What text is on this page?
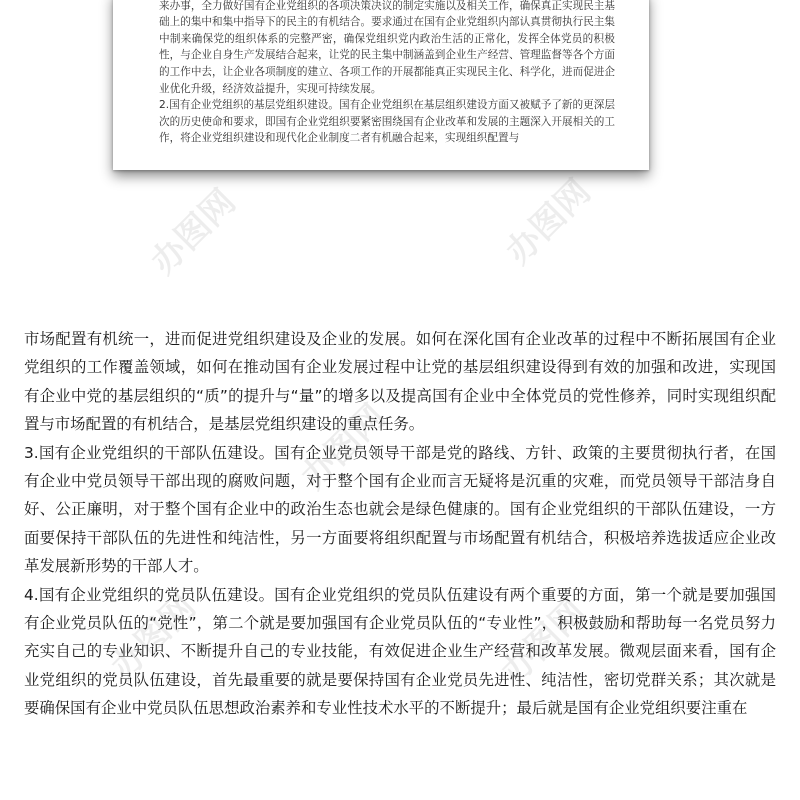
来办事，全力做好国有企业党组织的各项决策决议的制定实施以及相关工作，确保真正实现民主基础上的集中和集中指导下的民主的有机结合。要求通过在国有企业党组织内部认真贯彻执行民主集中制来确保党的组织体系的完整严密，确保党组织党内政治生活的正常化，发挥全体党员的积极性，与企业自身生产发展结合起来，让党的民主集中制涵盖到企业生产经营、管理监督等各个方面的工作中去，让企业各项制度的建立、各项工作的开展都能真正实现民主化、科学化，进而促进企业优化升级，经济效益提升，实现可持续发展。

2.国有企业党组织的基层党组织建设。国有企业党组织在基层组织建设方面又被赋予了新的更深层次的历史使命和要求，即国有企业党组织要紧密围绕国有企业改革和发展的主题深入开展相关的工作，将企业党组织建设和现代化企业制度二者有机融合起来，实现组织配置与

办图网	办图网
办图网
办图网	办图网

市场配置有机统一，进而促进党组织建设及企业的发展。如何在深化国有企业改革的过程中不断拓展国有企业党组织的工作覆盖领域，如何在推动国有企业发展过程中让党的基层组织建设得到有效的加强和改进，实现国有企业中党的基层组织的“质”的提升与“量”的增多以及提高国有企业中全体党员的党性修养，同时实现组织配置与市场配置的有机结合，是基层党组织建设的重点任务。

3.国有企业党组织的干部队伍建设。国有企业党员领导干部是党的路线、方针、政策的主要贯彻执行者，在国有企业中党员领导干部出现的腐败问题，对于整个国有企业而言无疑将是沉重的灾难，而党员领导干部洁身自好、公正廉明，对于整个国有企业中的政治生态也就会是绿色健康的。国有企业党组织的干部队伍建设，一方面要保持干部队伍的先进性和纯洁性，另一方面要将组织配置与市场配置有机结合，积极培养选拔适应企业改革发展新形势的干部人才。

4.国有企业党组织的党员队伍建设。国有企业党组织的党员队伍建设有两个重要的方面，第一个就是要加强国有企业党员队伍的“党性”，第二个就是要加强国有企业党员队伍的“专业性”，积极鼓励和帮助每一名党员努力充实自己的专业知识、不断提升自己的专业技能，有效促进企业生产经营和改革发展。微观层面来看，国有企业党组织的党员队伍建设，首先最重要的就是要保持国有企业党员先进性、纯洁性，密切党群关系；其次就是要确保国有企业中党员队伍思想政治素养和专业性技术水平的不断提升；最后就是国有企业党组织要注重在
